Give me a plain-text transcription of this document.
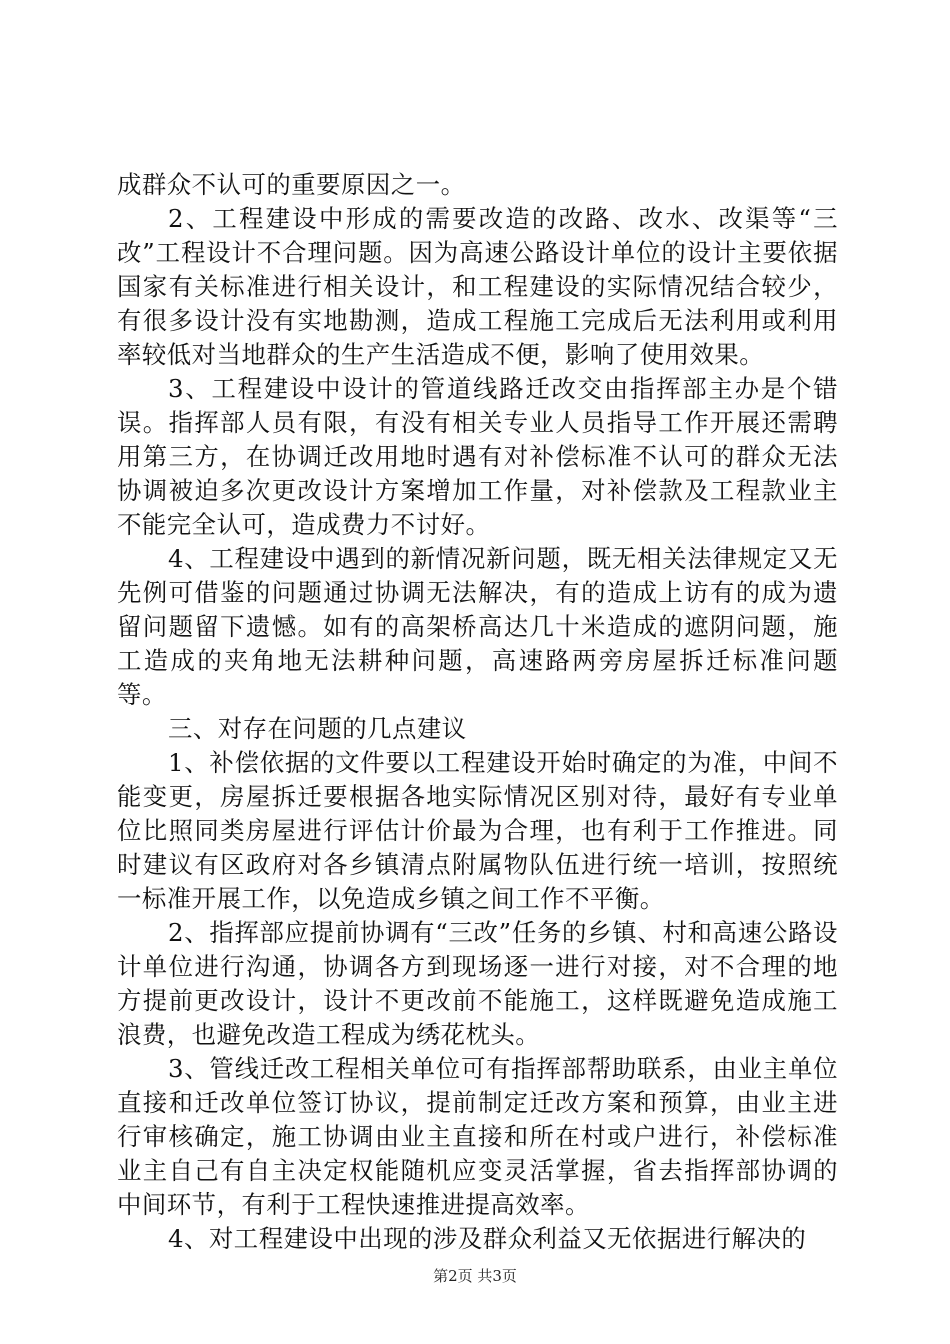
成群众不认可的重要原因之一。

2、工程建设中形成的需要改造的改路、改水、改渠等“三改”工程设计不合理问题。因为高速公路设计单位的设计主要依据国家有关标准进行相关设计，和工程建设的实际情况结合较少，有很多设计没有实地勘测，造成工程施工完成后无法利用或利用率较低对当地群众的生产生活造成不便，影响了使用效果。

3、工程建设中设计的管道线路迁改交由指挥部主办是个错误。指挥部人员有限，有没有相关专业人员指导工作开展还需聘用第三方，在协调迁改用地时遇有对补偿标准不认可的群众无法协调被迫多次更改设计方案增加工作量，对补偿款及工程款业主不能完全认可，造成费力不讨好。

4、工程建设中遇到的新情况新问题，既无相关法律规定又无先例可借鉴的问题通过协调无法解决，有的造成上访有的成为遗留问题留下遗憾。如有的高架桥高达几十米造成的遮阴问题，施工造成的夹角地无法耕种问题，高速路两旁房屋拆迁标准问题等。

三、对存在问题的几点建议

1、补偿依据的文件要以工程建设开始时确定的为准，中间不能变更，房屋拆迁要根据各地实际情况区别对待，最好有专业单位比照同类房屋进行评估计价最为合理，也有利于工作推进。同时建议有区政府对各乡镇清点附属物队伍进行统一培训，按照统一标准开展工作，以免造成乡镇之间工作不平衡。

2、指挥部应提前协调有“三改”任务的乡镇、村和高速公路设计单位进行沟通，协调各方到现场逐一进行对接，对不合理的地方提前更改设计，设计不更改前不能施工，这样既避免造成施工浪费，也避免改造工程成为绣花枕头。

3、管线迁改工程相关单位可有指挥部帮助联系，由业主单位直接和迁改单位签订协议，提前制定迁改方案和预算，由业主进行审核确定，施工协调由业主直接和所在村或户进行，补偿标准业主自己有自主决定权能随机应变灵活掌握，省去指挥部协调的中间环节，有利于工程快速推进提高效率。

4、对工程建设中出现的涉及群众利益又无依据进行解决的

第2页 共3页
